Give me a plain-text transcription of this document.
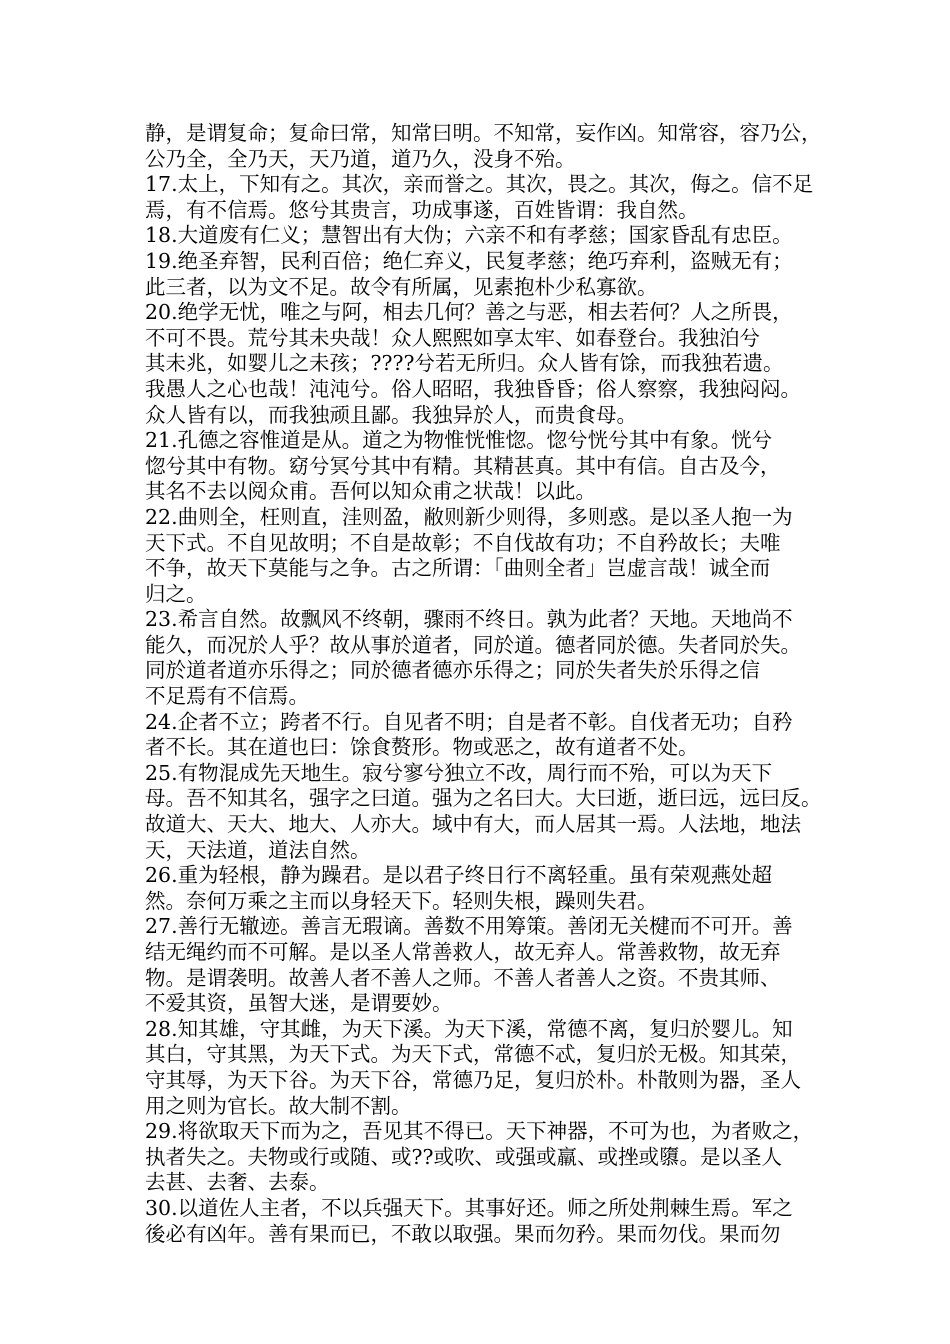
静，是谓复命；复命曰常，知常曰明。不知常，妄作凶。知常容，容乃公，
公乃全，全乃天，天乃道，道乃久，没身不殆。
17.太上，下知有之。其次，亲而誉之。其次，畏之。其次，侮之。信不足
焉，有不信焉。悠兮其贵言，功成事遂，百姓皆谓：我自然。
18.大道废有仁义；慧智出有大伪；六亲不和有孝慈；国家昏乱有忠臣。
19.绝圣弃智，民利百倍；绝仁弃义，民复孝慈；绝巧弃利，盗贼无有；
此三者，以为文不足。故令有所属，见素抱朴少私寡欲。
20.绝学无忧，唯之与阿，相去几何？善之与恶，相去若何？人之所畏，
不可不畏。荒兮其未央哉！众人熙熙如享太牢、如春登台。我独泊兮
其未兆，如婴儿之未孩；????兮若无所归。众人皆有馀，而我独若遗。
我愚人之心也哉！沌沌兮。俗人昭昭，我独昏昏；俗人察察，我独闷闷。
众人皆有以，而我独顽且鄙。我独异於人，而贵食母。
21.孔德之容惟道是从。道之为物惟恍惟惚。惚兮恍兮其中有象。恍兮
惚兮其中有物。窈兮冥兮其中有精。其精甚真。其中有信。自古及今，
其名不去以阅众甫。吾何以知众甫之状哉！以此。
22.曲则全，枉则直，洼则盈，敝则新少则得，多则惑。是以圣人抱一为
天下式。不自见故明；不自是故彰；不自伐故有功；不自矜故长；夫唯
不争，故天下莫能与之争。古之所谓：「曲则全者」岂虚言哉！诚全而
归之。
23.希言自然。故飘风不终朝，骤雨不终日。孰为此者？天地。天地尚不
能久，而况於人乎？故从事於道者，同於道。德者同於德。失者同於失。
同於道者道亦乐得之；同於德者德亦乐得之；同於失者失於乐得之信
不足焉有不信焉。
24.企者不立；跨者不行。自见者不明；自是者不彰。自伐者无功；自矜
者不长。其在道也曰：馀食赘形。物或恶之，故有道者不处。
25.有物混成先天地生。寂兮寥兮独立不改，周行而不殆，可以为天下
母。吾不知其名，强字之曰道。强为之名曰大。大曰逝，逝曰远，远曰反。
故道大、天大、地大、人亦大。域中有大，而人居其一焉。人法地，地法
天，天法道，道法自然。
26.重为轻根，静为躁君。是以君子终日行不离轻重。虽有荣观燕处超
然。奈何万乘之主而以身轻天下。轻则失根，躁则失君。
27.善行无辙迹。善言无瑕谪。善数不用筹策。善闭无关楗而不可开。善
结无绳约而不可解。是以圣人常善救人，故无弃人。常善救物，故无弃
物。是谓袭明。故善人者不善人之师。不善人者善人之资。不贵其师、
不爱其资，虽智大迷，是谓要妙。
28.知其雄，守其雌，为天下溪。为天下溪，常德不离，复归於婴儿。知
其白，守其黑，为天下式。为天下式，常德不忒，复归於无极。知其荣，
守其辱，为天下谷。为天下谷，常德乃足，复归於朴。朴散则为器，圣人
用之则为官长。故大制不割。
29.将欲取天下而为之，吾见其不得已。天下神器，不可为也，为者败之，
执者失之。夫物或行或随、或??或吹、或强或羸、或挫或隳。是以圣人
去甚、去奢、去泰。
30.以道佐人主者，不以兵强天下。其事好还。师之所处荆棘生焉。军之
後必有凶年。善有果而已，不敢以取强。果而勿矜。果而勿伐。果而勿
